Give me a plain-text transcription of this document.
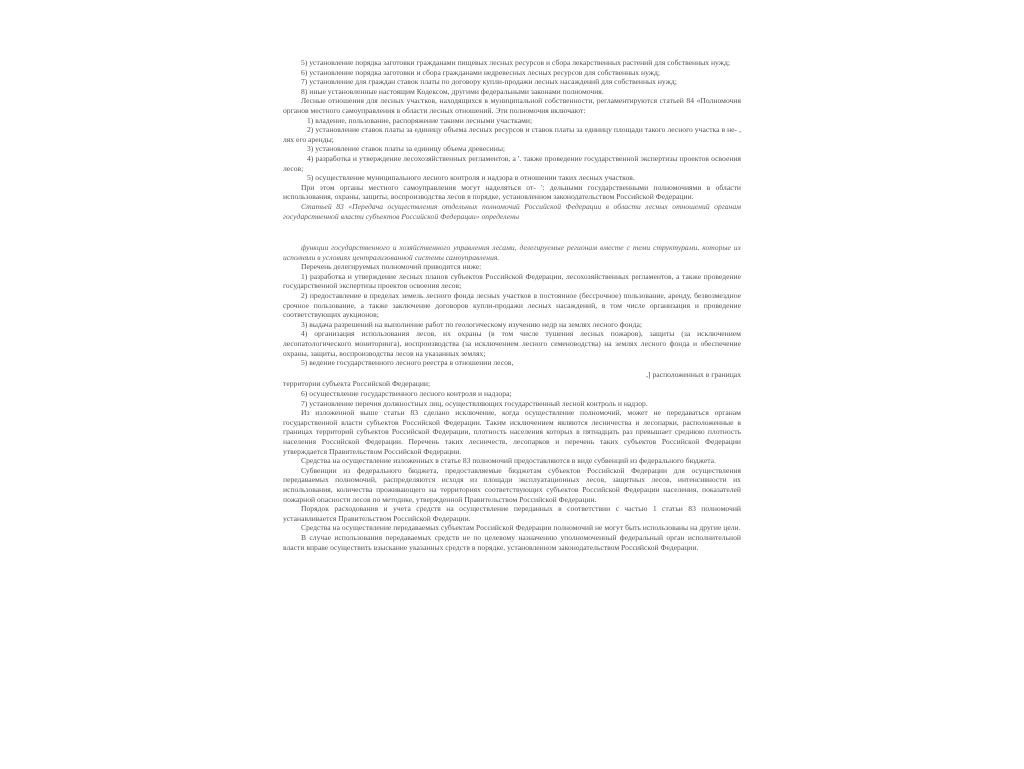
5) установление порядка заготовки гражданами пищевых лесных ресурсов и сбора лекарственных растений для собственных нужд;

6) установление порядка заготовки и сбора гражданами недревесных лесных ресурсов для собственных нужд;

7) установление для граждан ставок платы по договору купли-продажи лесных насаждений для собственных нужд;

8) иные установленные настоящим Кодексом, другими федеральными законами полномочия.

Лесные отношения для лесных участков, находящихся в муниципальной собственности, регламентируются статьей 84 «Полномочия органов местного самоуправления в области лесных отношений. Эти полномочия включают:

1) владение, пользование, распоряжение такими лесными участками;

2) установление ставок платы за единицу объема лесных ресурсов и ставок платы за единицу площади такого лесного участка в не- , лях его аренды;

3) установление ставок платы за единицу объема древесины;

4) разработка и утверждение лесохозяйственных регламентов, а '. также проведение государственной экспертизы проектов освоения лесов;

5) осуществление муниципального лесного контроля и надзора в отношении таких лесных участков.

При этом органы местного самоуправления могут наделяться от- ': дельными государственными полномочиями в области использования, охраны, защиты, воспроизводства лесов в порядке, установленном законодательством Российской Федерации.

Статьей 83 «Передача осуществления отдельных полномочий Российской Федерации в области лесных отношений органам государственной власти субъектов Российской Федерации» определены

функции государственного и хозяйственного управления лесами, делегируемые регионам вместе с теми структурами, которые их исполняли в условиях централизованной системы самоуправления.

Перечень делегируемых полномочий приводится ниже:

1) разработка и утверждение лесных планов субъектов Российской Федерации, лесохозяйственных регламентов, а также проведение государственной экспертизы проектов освоения лесов;

2) предоставление в пределах земель лесного фонда лесных участков в постоянное (бессрочное) пользование, аренду, безвозмездное срочное пользование, а также заключение договоров купли-продажи лесных насаждений, в том числе организация и проведение соответствующих аукционов;

3) выдача разрешений на выполнение работ по геологическому изучению недр на землях лесного фонда;

4) организация использования лесов, их охраны (в том числе тушения лесных пожаров), защиты (за исключением лесопатологического мониторинга), воспроизводства (за исключением лесного семеноводства) на землях лесного фонда и обеспечение охраны, защиты, воспроизводства лесов на указанных землях;

5) ведение государственного лесного реестра в отношении лесов,

,] расположенных в границах

территории субъекта Российской Федерации;

6) осуществление государственного лесного контроля и надзора;

7) установление перечня должностных лиц, осуществляющих государственный лесной контроль и надзор.

Из изложенной выше статьи 83 сделано исключение, когда осуществление полномочий, может не передаваться органам государственной власти субъектов Российской Федерации. Таким исключением являются лесничества и лесопарки, расположенные в границах территорий субъектов Российской Федерации, плотность населения которых в пятнадцать раз превышает среднюю плотность населения Российской Федерации. Перечень таких лесничеств, лесопарков и перечень таких субъектов Российской Федерации утверждается Правительством Российской Федерации.

Средства на осуществление изложенных в статье 83 полномочий предоставляются в виде субвенций из федерального бюджета.

Субвенции из федерального бюджета, предоставляемые бюджетам субъектов Российской Федерации для осуществления передаваемых полномочий, распределяются исходя из площади эксплуатационных лесов, защитных лесов, интенсивности их использования, количества проживающего на территориях соответствующих субъектов Российской Федерации населения, показателей пожарной опасности лесов по методике, утвержденной Правительством Российской Федерации.

Порядок расходования и учета средств на осуществление переданных в соответствии с частью 1 статьи 83 полномочий устанавливается Правительством Российской Федерации.

Средства на осуществление передаваемых субъектам Российской Федерации полномочий не могут быть использованы на другие цели.

В случае использования передаваемых средств не по целевому назначению уполномоченный федеральный орган исполнительной власти вправе осуществить взыскание указанных средств в порядке, установленном законодательством Российской Федерации.
